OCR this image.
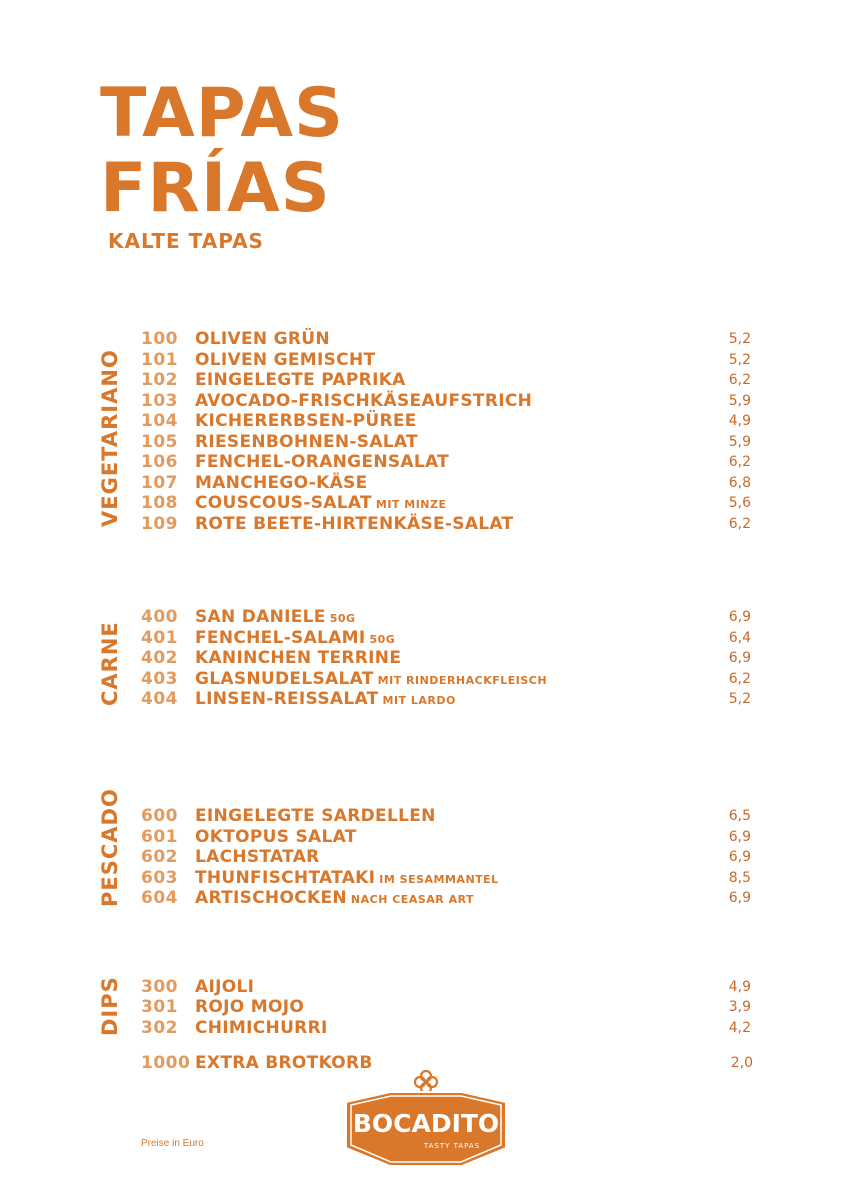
TAPAS
FRÍAS
KALTE TAPAS
VEGETARIANO
100 OLIVEN GRÜN	5,2
101 OLIVEN GEMISCHT	5,2
102 EINGELEGTE PAPRIKA	6,2
103 AVOCADO-FRISCHKÄSEAUFSTRICH	5,9
104 KICHERERBSEN-PÜREE	4,9
105 RIESENBOHNEN-SALAT	5,9
106 FENCHEL-ORANGENSALAT	6,2
107 MANCHEGO-KÄSE	6,8
108 COUSCOUS-SALAT MIT MINZE	5,6
109 ROTE BEETE-HIRTENKÄSE-SALAT	6,2
CARNE
400 SAN DANIELE 50G	6,9
401 FENCHEL-SALAMI 50G	6,4
402 KANINCHEN TERRINE	6,9
403 GLASNUDELSALAT MIT RINDERHACKFLEISCH	6,2
404 LINSEN-REISSALAT MIT LARDO	5,2
PESCADO 600 EINGELEGTE SARDELLEN	6,5
601 OKTOPUS SALAT	6,9
602 LACHSTATAR	6,9
603 THUNFISCHTATAKI IM SESAMMANTEL	8,5
604 ARTISCHOCKEN NACH CEASAR ART	6,9
DIPS 300 AIJOLI	4,9
301 ROJO MOJO	3,9
302 CHIMICHURRI	4,2
1000 EXTRA BROTKORB	2,0
Preise in Euro
BOCADITO
TASTY TAPAS
